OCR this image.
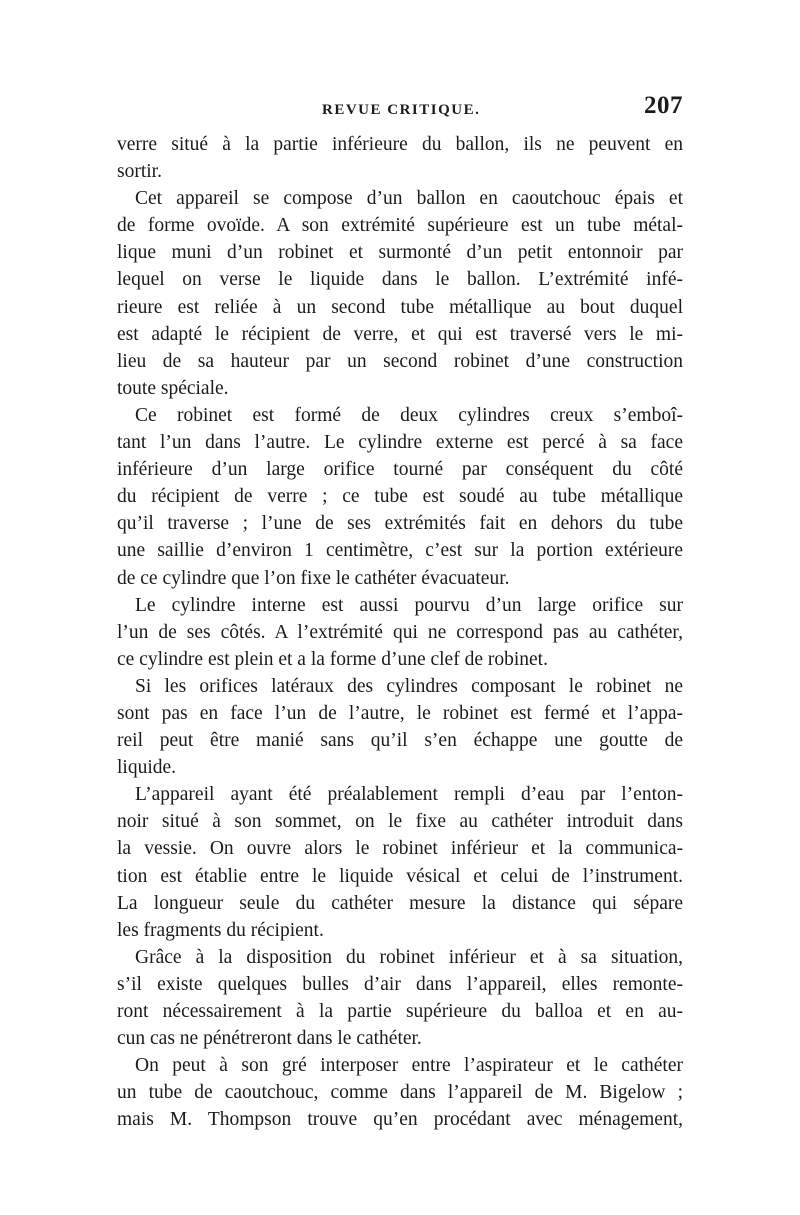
REVUE CRITIQUE.	207
verre situé à la partie inférieure du ballon, ils ne peuvent en
sortir.
Cet appareil se compose d’un ballon en caoutchouc épais et
de forme ovoïde. A son extrémité supérieure est un tube métal-
lique muni d’un robinet et surmonté d’un petit entonnoir par
lequel on verse le liquide dans le ballon. L’extrémité infé-
rieure est reliée à un second tube métallique au bout duquel
est adapté le récipient de verre, et qui est traversé vers le mi-
lieu de sa hauteur par un second robinet d’une construction
toute spéciale.
Ce robinet est formé de deux cylindres creux s’emboî-
tant l’un dans l’autre. Le cylindre externe est percé à sa face
inférieure d’un large orifice tourné par conséquent du côté
du récipient de verre ; ce tube est soudé au tube métallique
qu’il traverse ; l’une de ses extrémités fait en dehors du tube
une saillie d’environ 1 centimètre, c’est sur la portion extérieure
de ce cylindre que l’on fixe le cathéter évacuateur.
Le cylindre interne est aussi pourvu d’un large orifice sur
l’un de ses côtés. A l’extrémité qui ne correspond pas au cathéter,
ce cylindre est plein et a la forme d’une clef de robinet.
Si les orifices latéraux des cylindres composant le robinet ne
sont pas en face l’un de l’autre, le robinet est fermé et l’appa-
reil peut être manié sans qu’il s’en échappe une goutte de
liquide.
L’appareil ayant été préalablement rempli d’eau par l’enton-
noir situé à son sommet, on le fixe au cathéter introduit dans
la vessie. On ouvre alors le robinet inférieur et la communica-
tion est établie entre le liquide vésical et celui de l’instrument.
La longueur seule du cathéter mesure la distance qui sépare
les fragments du récipient.
Grâce à la disposition du robinet inférieur et à sa situation,
s’il existe quelques bulles d’air dans l’appareil, elles remonte-
ront nécessairement à la partie supérieure du balloa et en au-
cun cas ne pénétreront dans le cathéter.
On peut à son gré interposer entre l’aspirateur et le cathéter
un tube de caoutchouc, comme dans l’appareil de M. Bigelow ;
mais M. Thompson trouve qu’en procédant avec ménagement,
